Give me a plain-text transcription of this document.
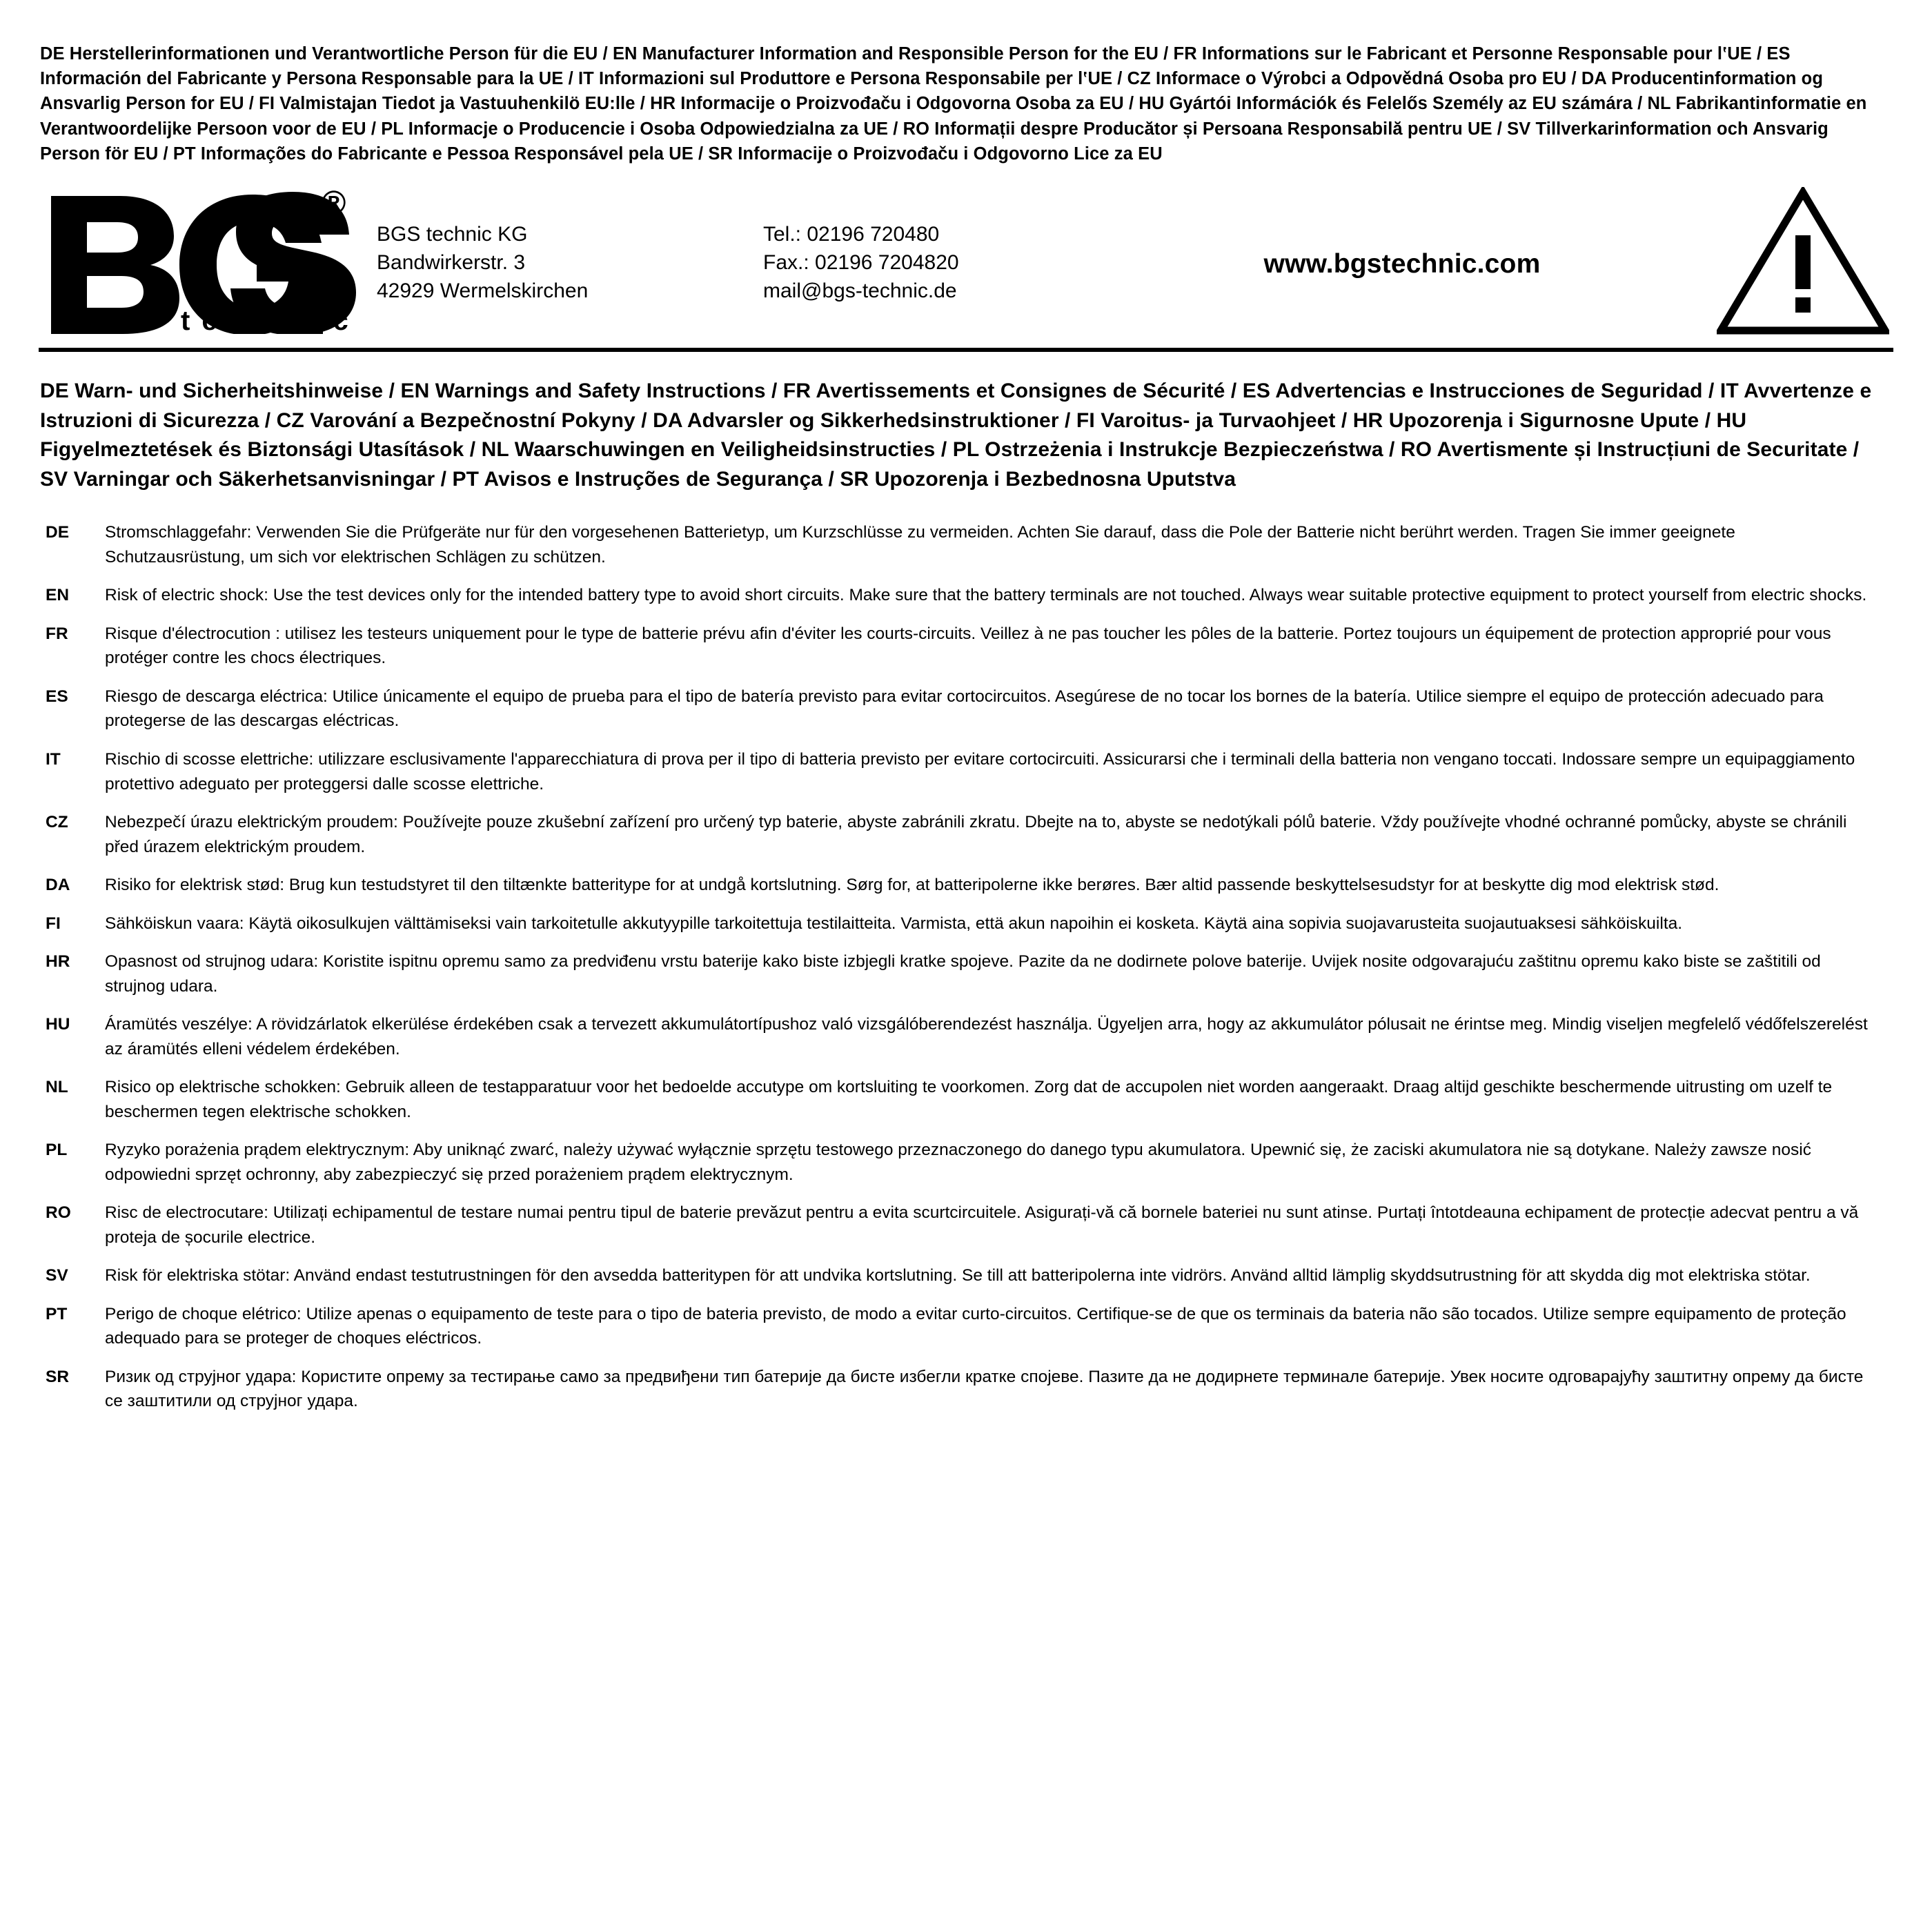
DE Herstellerinformationen und Verantwortliche Person für die EU / EN Manufacturer Information and Responsible Person for the EU / FR Informations sur le Fabricant et Personne Responsable pour lʽUE / ES Información del Fabricante y Persona Responsable para la UE / IT Informazioni sul Produttore e Persona Responsabile per lʽUE / CZ Informace o Výrobci a Odpovědná Osoba pro EU / DA Producentinformation og Ansvarlig Person for EU / FI Valmistajan Tiedot ja Vastuuhenkilö EU:lle / HR Informacije o Proizvođaču i Odgovorna Osoba za EU / HU Gyártói Információk és Felelős Személy az EU számára / NL Fabrikantinformatie en Verantwoordelijke Persoon voor de EU / PL Informacje o Producencie i Osoba Odpowiedzialna za UE / RO Informații despre Producător și Persoana Responsabilă pentru UE / SV Tillverkarinformation och Ansvarig Person för EU / PT Informações do Fabricante e Pessoa Responsável pela UE / SR Informacije o Proizvođaču i Odgovorno Lice za EU
®
t e c h n i c
BGS technic KG
Bandwirkerstr. 3
42929 Wermelskirchen
Tel.: 02196 720480
Fax.: 02196 7204820
mail@bgs-technic.de
www.bgstechnic.com
DE Warn- und Sicherheitshinweise / EN Warnings and Safety Instructions / FR Avertissements et Consignes de Sécurité / ES Advertencias e Instrucciones de Seguridad / IT Avvertenze e Istruzioni di Sicurezza / CZ Varování a Bezpečnostní Pokyny / DA Advarsler og Sikkerhedsinstruktioner / FI Varoitus- ja Turvaohjeet / HR Upozorenja i Sigurnosne Upute / HU Figyelmeztetések és Biztonsági Utasítások / NL Waarschuwingen en Veiligheidsinstructies / PL Ostrzeżenia i Instrukcje Bezpieczeństwa / RO Avertismente și Instrucțiuni de Securitate / SV Varningar och Säkerhetsanvisningar / PT Avisos e Instruções de Segurança / SR Upozorenja i Bezbednosna Uputstva
DE	Stromschlaggefahr: Verwenden Sie die Prüfgeräte nur für den vorgesehenen Batterietyp, um Kurzschlüsse zu vermeiden. Achten Sie darauf, dass die Pole der Batterie nicht berührt werden. Tragen Sie immer geeignete Schutzausrüstung, um sich vor elektrischen Schlägen zu schützen.
EN	Risk of electric shock: Use the test devices only for the intended battery type to avoid short circuits. Make sure that the battery terminals are not touched. Always wear suitable protective equipment to protect yourself from electric shocks.
FR	Risque d'électrocution : utilisez les testeurs uniquement pour le type de batterie prévu afin d'éviter les courts-circuits. Veillez à ne pas toucher les pôles de la batterie. Portez toujours un équipement de protection approprié pour vous protéger contre les chocs électriques.
ES	Riesgo de descarga eléctrica: Utilice únicamente el equipo de prueba para el tipo de batería previsto para evitar cortocircuitos. Asegúrese de no tocar los bornes de la batería. Utilice siempre el equipo de protección adecuado para protegerse de las descargas eléctricas.
IT	Rischio di scosse elettriche: utilizzare esclusivamente l'apparecchiatura di prova per il tipo di batteria previsto per evitare cortocircuiti. Assicurarsi che i terminali della batteria non vengano toccati. Indossare sempre un equipaggiamento protettivo adeguato per proteggersi dalle scosse elettriche.
CZ	Nebezpečí úrazu elektrickým proudem: Používejte pouze zkušební zařízení pro určený typ baterie, abyste zabránili zkratu. Dbejte na to, abyste se nedotýkali pólů baterie. Vždy používejte vhodné ochranné pomůcky, abyste se chránili před úrazem elektrickým proudem.
DA	Risiko for elektrisk stød: Brug kun testudstyret til den tiltænkte batteritype for at undgå kortslutning. Sørg for, at batteripolerne ikke berøres. Bær altid passende beskyttelsesudstyr for at beskytte dig mod elektrisk stød.
FI	Sähköiskun vaara: Käytä oikosulkujen välttämiseksi vain tarkoitetulle akkutyypille tarkoitettuja testilaitteita. Varmista, että akun napoihin ei kosketa. Käytä aina sopivia suojavarusteita suojautuaksesi sähköiskuilta.
HR	Opasnost od strujnog udara: Koristite ispitnu opremu samo za predviđenu vrstu baterije kako biste izbjegli kratke spojeve. Pazite da ne dodirnete polove baterije. Uvijek nosite odgovarajuću zaštitnu opremu kako biste se zaštitili od strujnog udara.
HU	Áramütés veszélye: A rövidzárlatok elkerülése érdekében csak a tervezett akkumulátortípushoz való vizsgálóberendezést használja. Ügyeljen arra, hogy az akkumulátor pólusait ne érintse meg. Mindig viseljen megfelelő védőfelszerelést az áramütés elleni védelem érdekében.
NL	Risico op elektrische schokken: Gebruik alleen de testapparatuur voor het bedoelde accutype om kortsluiting te voorkomen. Zorg dat de accupolen niet worden aangeraakt. Draag altijd geschikte beschermende uitrusting om uzelf te beschermen tegen elektrische schokken.
PL	Ryzyko porażenia prądem elektrycznym: Aby uniknąć zwarć, należy używać wyłącznie sprzętu testowego przeznaczonego do danego typu akumulatora. Upewnić się, że zaciski akumulatora nie są dotykane. Należy zawsze nosić odpowiedni sprzęt ochronny, aby zabezpieczyć się przed porażeniem prądem elektrycznym.
RO	Risc de electrocutare: Utilizați echipamentul de testare numai pentru tipul de baterie prevăzut pentru a evita scurtcircuitele. Asigurați-vă că bornele bateriei nu sunt atinse. Purtați întotdeauna echipament de protecție adecvat pentru a vă proteja de șocurile electrice.
SV	Risk för elektriska stötar: Använd endast testutrustningen för den avsedda batteritypen för att undvika kortslutning. Se till att batteripolerna inte vidrörs. Använd alltid lämplig skyddsutrustning för att skydda dig mot elektriska stötar.
PT	Perigo de choque elétrico: Utilize apenas o equipamento de teste para o tipo de bateria previsto, de modo a evitar curto-circuitos. Certifique-se de que os terminais da bateria não são tocados. Utilize sempre equipamento de proteção adequado para se proteger de choques eléctricos.
SR	Ризик од струјног удара: Користите опрему за тестирање само за предвиђени тип батерије да бисте избегли кратке спојеве. Пазите да не додирнете терминале батерије. Увек носите одговарајућу заштитну опрему да бисте се заштитили од струјног удара.
